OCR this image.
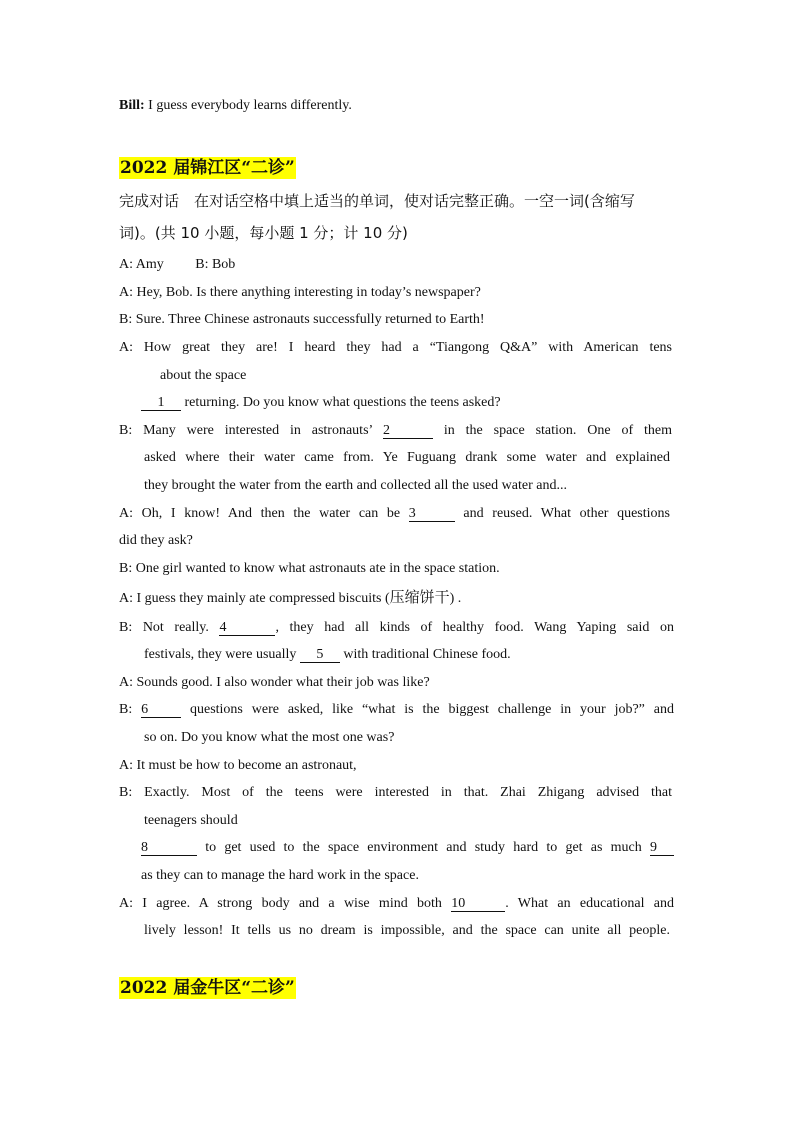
Bill: I guess everybody learns differently.
2022 届锦江区“二诊”
完成对话　在对话空格中填上适当的单词，使对话完整正确。一空一词(含缩写
词)。(共 10 小题，每小题 1 分；计 10 分)
A: Amy　　 B: Bob
A: Hey, Bob. Is there anything interesting in today’s newspaper?
B: Sure. Three Chinese astronauts successfully returned to Earth!
A: How great they are! I heard they had a “Tiangong Q&A” with American tens
about the space
1 returning. Do you know what questions the teens asked?
B: Many were interested in astronauts’ 2	in the space station. One of them
asked where their water came from. Ye Fuguang drank some water and explained
they brought the water from the earth and collected all the used water and...
A: Oh, I know! And then the water can be 3	and reused. What other questions
did they ask?
B: One girl wanted to know what astronauts ate in the space station.
A: I guess they mainly ate compressed biscuits (压缩饼干) .
B: Not really. 4	, they had all kinds of healthy food. Wang Yaping said on
festivals, they were usually 5 with traditional Chinese food.
A: Sounds good. I also wonder what their job was like?
B: 6 questions were asked, like “what is the biggest challenge in your job?” and
so on. Do you know what the most one was?
A: It must be how to become an astronaut,
B: Exactly. Most of the teens were interested in that. Zhai Zhigang advised that
teenagers should
8	to get used to the space environment and study hard to get as much 9
as they can to manage the hard work in the space.
A: I agree. A strong body and a wise mind both 10	. What an educational and
lively lesson! It tells us no dream is impossible, and the space can unite all people.
2022 届金牛区“二诊”
